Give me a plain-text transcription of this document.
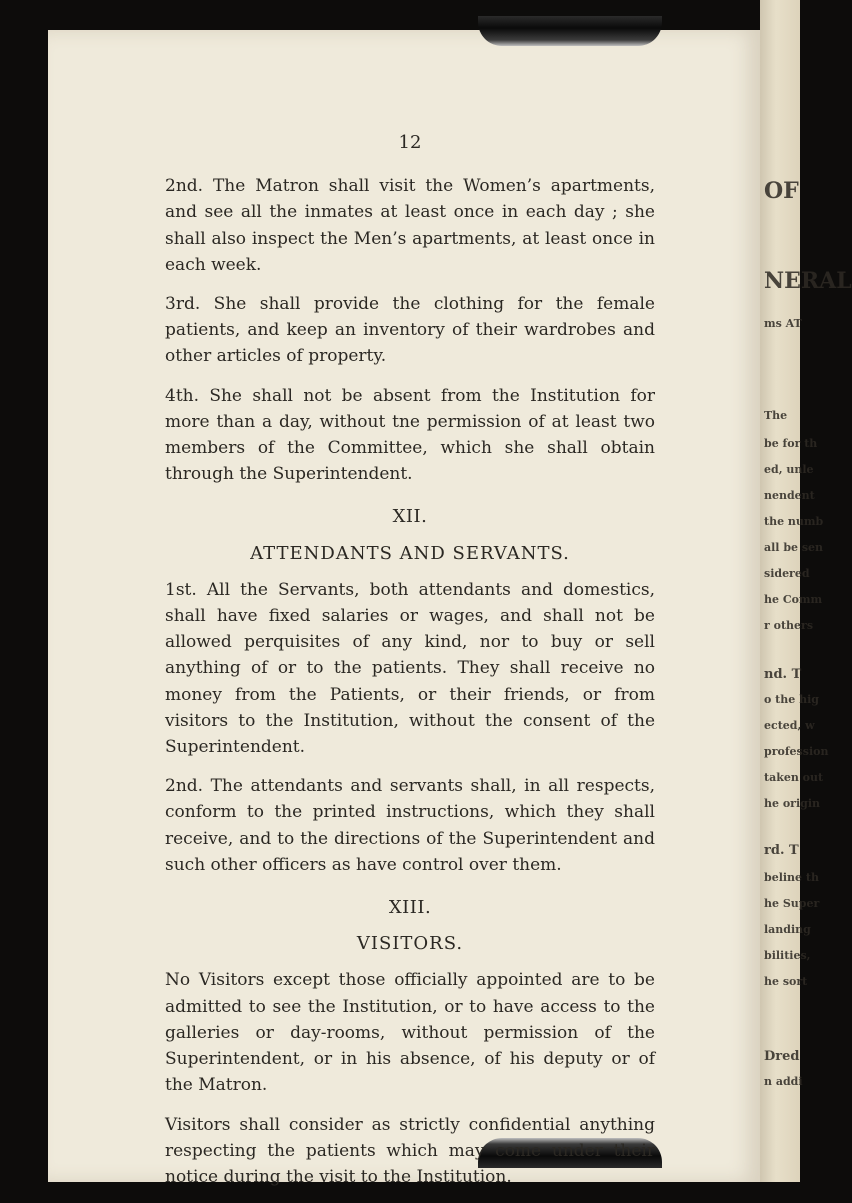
OF
NERAL
ms AT
The
be for th
ed, unle
nendent
the numb
all be sen
sidered
he Comm
r others
nd. T
o the hig
ected, w
profession
taken out
he origin
rd. T
beline th
he Super
landing
bilities,
he sort
Dred
n addi
12

2nd. The Matron shall visit the Women’s apartments, and see all the inmates at least once in each day ; she shall also inspect the Men’s apartments, at least once in each week.

3rd. She shall provide the clothing for the female patients, and keep an inventory of their wardrobes and other articles of property.

4th. She shall not be absent from the Institution for more than a day, without tne permission of at least two members of the Committee, which she shall obtain through the Superintendent.

XII.
ATTENDANTS AND SERVANTS.

1st. All the Servants, both attendants and domestics, shall have fixed salaries or wages, and shall not be allowed perquisites of any kind, nor to buy or sell anything of or to the patients. They shall receive no money from the Patients, or their friends, or from visitors to the Institution, without the consent of the Superintendent.

2nd. The attendants and servants shall, in all respects, conform to the printed instructions, which they shall receive, and to the directions of the Superintendent and such other officers as have control over them.

XIII.
VISITORS.

No Visitors except those officially appointed are to be admitted to see the Institution, or to have access to the galleries or day-rooms, without permission of the Superintendent, or in his absence, of his deputy or of the Matron.

Visitors shall consider as strictly confidential anything respecting the patients which may come under their notice during the visit to the Institution.
